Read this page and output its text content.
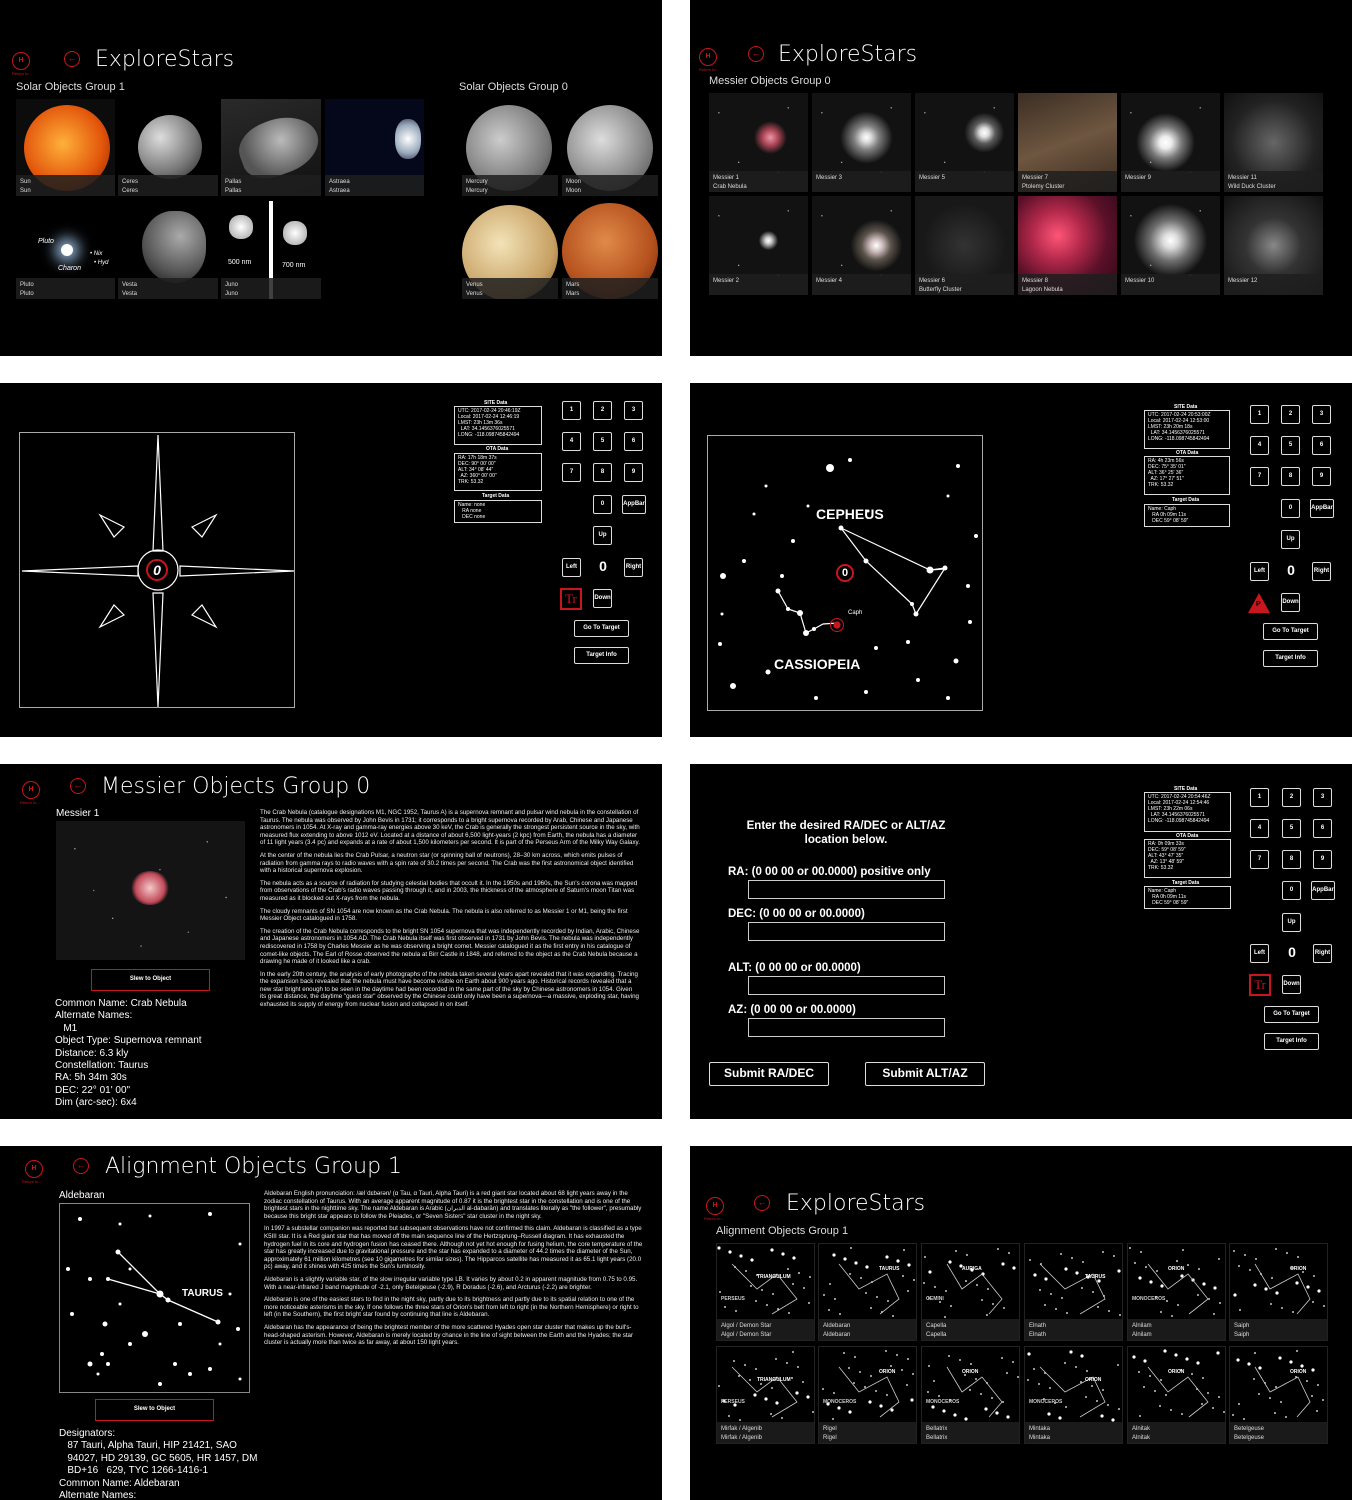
H
Return to...
← ExploreStars
Solar Objects Group 1	Solar Objects Group 0
Sun
Sun
Ceres
Ceres
Pallas
Pallas
Astraea
Astraea
Pluto
Charon
• Nix
• Hyd
Pluto
Pluto
Vesta
Vesta
500 nm	700 nm
Juno
Juno
Mercury
Mercury
Moon
Moon
Venus
Venus
Mars
Mars
H
Return to...
← ExploreStars
Messier Objects Group 0
Messier 1
Crab Nebula
Messier 3	Messier 5	Messier 7
Ptolemy Cluster
Messier 9	Messier 11
Wild Duck Cluster
Messier 2	Messier 4	Messier 6
Butterfly Cluster
Messier 8
Lagoon Nebula
Messier 10	Messier 12
0
SITE Data
UTC: 2017-02-24 20:46:19Z
Local: 2017-02-24 12:46:19
LMST: 23h 13m 36s
LAT: 34.1456376025571
LONG: -118.098745842494
OTA Data
RA: 17h 18m 37s
DEC: 90° 00' 00"
ALT: 34° 08' 44"
AZ: 360° 00' 00"
TRK: 53.32
Target Data
Name: none
RA none
DEC none
1	2	3
4	5	6
7	8	9
0	AppBar
Up
Left 0	Right
Tr	Down
Go To Target
Target Info
Caph
0
CEPHEUS
CASSIOPEIA
SITE Data
UTC: 2017-02-24 20:53:00Z
Local: 2017-02-24 12:53:00
LMST: 23h 20m 18s
LAT: 34.1456376025571
LONG: -118.098745842494
OTA Data
RA: 4h 23m 56s
DEC: 75° 35' 01"
ALT: 36° 25' 36"
AZ: 17° 27' 51"
TRK: 53.32
Target Data
Name: Caph
RA 0h 09m 11s
DEC 59° 08' 59"
1	2	3
4	5	6
7	8	9
0	AppBar
Up
Left 0	Right
P	Down
Go To Target
Target Info
H
Return to...
← Messier Objects Group 0
Messier 1
Slew to Object
Common Name: Crab Nebula
Alternate Names:
M1
Object Type: Supernova remnant
Distance: 6.3 kly
Constellation: Taurus
RA: 5h 34m 30s
DEC: 22° 01' 00"
Dim (arc-sec): 6x4

The Crab Nebula (catalogue designations M1, NGC 1952, Taurus A) is a supernova remnant and pulsar wind nebula in the constellation of Taurus. The nebula was observed by John Bevis in 1731; it corresponds to a bright supernova recorded by Arab, Chinese and Japanese astronomers in 1054. At X-ray and gamma-ray energies above 30 keV, the Crab is generally the strongest persistent source in the sky, with measured flux extending to above 1012 eV. Located at a distance of about 6,500 light-years (2 kpc) from Earth, the nebula has a diameter of 11 light years (3.4 pc) and expands at a rate of about 1,500 kilometers per second. It is part of the Perseus Arm of the Milky Way Galaxy.

At the center of the nebula lies the Crab Pulsar, a neutron star (or spinning ball of neutrons), 28–30 km across, which emits pulses of radiation from gamma rays to radio waves with a spin rate of 30.2 times per second. The Crab was the first astronomical object identified with a historical supernova explosion.

The nebula acts as a source of radiation for studying celestial bodies that occult it. In the 1950s and 1960s, the Sun's corona was mapped from observations of the Crab's radio waves passing through it, and in 2003, the thickness of the atmosphere of Saturn's moon Titan was measured as it blocked out X-rays from the nebula.

The cloudy remnants of SN 1054 are now known as the Crab Nebula. The nebula is also referred to as Messier 1 or M1, being the first Messier Object catalogued in 1758.

The creation of the Crab Nebula corresponds to the bright SN 1054 supernova that was independently recorded by Indian, Arabic, Chinese and Japanese astronomers in 1054 AD. The Crab Nebula itself was first observed in 1731 by John Bevis. The nebula was independently rediscovered in 1758 by Charles Messier as he was observing a bright comet. Messier catalogued it as the first entry in his catalogue of comet-like objects. The Earl of Rosse observed the nebula at Birr Castle in 1848, and referred to the object as the Crab Nebula because a drawing he made of it looked like a crab.

In the early 20th century, the analysis of early photographs of the nebula taken several years apart revealed that it was expanding. Tracing the expansion back revealed that the nebula must have become visible on Earth about 900 years ago. Historical records revealed that a new star bright enough to be seen in the daytime had been recorded in the same part of the sky by Chinese astronomers in 1054. Given its great distance, the daytime "guest star" observed by the Chinese could only have been a supernova—a massive, exploding star, having exhausted its supply of energy from nuclear fusion and collapsed in on itself.

Enter the desired RA/DEC or ALT/AZ
location below.
RA: (0 00 00 or 00.0000) positive only
DEC: (0 00 00 or 00.0000)
ALT: (0 00 00 or 00.0000)
AZ: (0 00 00 or 00.0000)
Submit RA/DEC	Submit ALT/AZ
SITE Data
UTC: 2017-02-24 20:54:46Z
Local: 2017-02-24 12:54:46
LMST: 23h 22m 06s
LAT: 34.1456376025571
LONG: -118.098745842494
OTA Data
RA: 0h 09m 33s
DEC: 59° 08' 59"
ALT: 43° 47' 35"
AZ: 13° 48' 59"
TRK: 53.32
Target Data
Name: Caph
RA 0h 09m 11s
DEC 59° 08' 59"
1	2	3
4	5	6
7	8	9
0	AppBar
Up
Left 0	Right
Tr	Down
Go To Target
Target Info
H
Return to...
← Alignment Objects Group 1
Aldebaran
TAURUS
Slew to Object
Designators:
87 Tauri, Alpha Tauri, HIP 21421, SAO
94027, HD 29139, GC 5605, HR 1457, DM
BD+16   629, TYC 1266-1416-1
Common Name: Aldebaran
Alternate Names:

Aldebaran English pronunciation: /ælˈdɛbərən/ (α Tau, α Tauri, Alpha Tauri) is a red giant star located about 68 light years away in the zodiac constellation of Taurus. With an average apparent magnitude of 0.87 it is the brightest star in the constellation and is one of the brightest stars in the nighttime sky. The name Aldebaran is Arabic (الدبران al-dabarān) and translates literally as "the follower", presumably because this bright star appears to follow the Pleiades, or "Seven Sisters" star cluster in the night sky.

In 1997 a substellar companion was reported but subsequent observations have not confirmed this claim. Aldebaran is classified as a type K5III star. It is a Red giant star that has moved off the main sequence line of the Hertzsprung–Russell diagram. It has exhausted the hydrogen fuel in its core and hydrogen fusion has ceased there. Although not yet hot enough for fusing helium, the core temperature of the star has greatly increased due to gravitational pressure and the star has expanded to a diameter of 44.2 times the diameter of the Sun, approximately 61 million kilometres (see 10 gigametres for similar sizes). The Hipparcos satellite has measured it as 65.1 light years (20.0 pc) away, and it shines with 425 times the Sun's luminosity.

Aldebaran is a slightly variable star, of the slow irregular variable type LB. It varies by about 0.2 in apparent magnitude from 0.75 to 0.95. With a near-infrared J band magnitude of -2.1, only Betelgeuse (-2.9), R Doradus (-2.6), and Arcturus (-2.2) are brighter.

Aldebaran is one of the easiest stars to find in the night sky, partly due to its brightness and partly due to its spatial relation to one of the more noticeable asterisms in the sky. If one follows the three stars of Orion's belt from left to right (in the Northern Hemisphere) or right to left (in the Southern), the first bright star found by continuing that line is Aldebaran.

Aldebaran has the appearance of being the brightest member of the more scattered Hyades open star cluster that makes up the bull's-head-shaped asterism. However, Aldebaran is merely located by chance in the line of sight between the Earth and the Hyades; the star cluster is actually more than twice as far away, at about 150 light years.

H
Return to...
← ExploreStars
Alignment Objects Group 1
TRIANGULUM
PERSEUS
Algol / Demon Star
Algol / Demon Star
TAURUS
Aldebaran
Aldebaran
AURIGA
GEMINI
Capella
Capella
TAURUS
Elnath
Elnath
ORION
MONOCEROS
Alnilam
Alnilam
ORION
Saiph
Saiph
TRIANGULUM
PERSEUS
Mirfak / Algenib
Mirfak / Algenib
ORION
MONOCEROS
Rigel
Rigel
ORION
MONOCEROS
Bellatrix
Bellatrix
ORION
MONOCEROS
Mintaka
Mintaka
ORION
Alnitak
Alnitak
ORION
Betelgeuse
Betelgeuse
